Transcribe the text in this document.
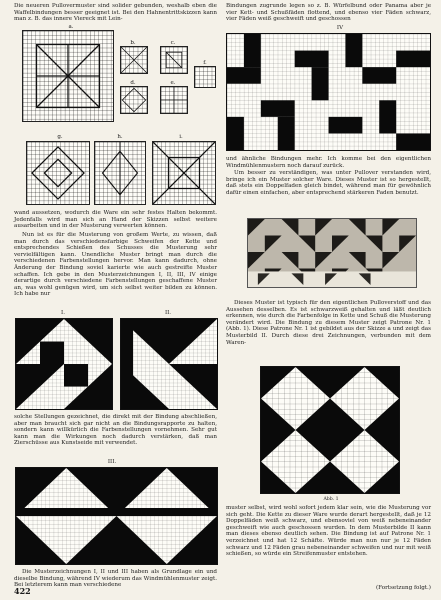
Die neueren Pullovermuster sind solider gebunden, weshalb eben die Waffelbindungen besser geeignet ist. Bei den Hahnentrittskizzen kann man z. B. das innere Viereck mit Lein-

a.
b.	c.
d.	e.
f.
g.	h.	i.

wand aussetzen, wodurch die Ware ein sehr festes Halten bekommt. Jedenfalls wird man sich an Hand der Skizzen selbst weitere ausarbeiten und in der Musterung verwerten können.

Nun ist es für die Musterung von großem Werte, zu wissen, daß man durch das verschiedensfarbige Schweifen der Kette und entsprechendes Schießen des Schusses die Musterung sehr vervielfältigen kann. Unendliche Muster bringt man durch die verschiedenen Farbenstellungen hervor. Man kann dadurch, ohne Änderung der Bindung soviel karierte wie auch gestreifte Muster schaffen. Ich gebe in den Musterzeichnungen I, II, III, IV einige derartige durch verschiedene Farbenstellungen geschaffene Muster an, was wohl genügen wird, um sich selbst weiter bilden zu können. Ich habe nur

I.	II.

solche Stellungen gezeichnet, die direkt mit der Bindung abschließen, aber man braucht sich gar nicht an die Bindungsrapporte zu halten, sondern kann willkürlich die Farbenstellungen vornehmen. Sehr gut kann man die Wirkungen noch dadurch verstärken, daß man Zierschüsse aus Kunstseide mit verwendet.

III.

Die Musterzeichnungen I, II und III haben als Grundlage ein und dieselbe Bindung, während IV wiederum das Windmühlenmuster zeigt. Bei letzterem kann man verschiedene

Bindungen zugrunde legen so z. B. Würfelbund oder Panama aber je vier Kett- und Schußfäden flottend, und ebenso vier Fäden schwarz, vier Fäden weiß geschweift und geschossen

IV

und ähnliche Bindungen mehr. Ich komme bei den eigentlichen Windmühlenmustern noch darauf zurück.

Um besser zu verständigen, was unter Pullover verstanden wird, bringe ich ein Muster solcher Ware. Dieses Muster ist so hergestellt, daß stets ein Doppelfaden gleich bindet, während man für gewöhnlich dafür einen einfachen, aber entsprechend stärkeren Faden benutzt.

Dieses Muster ist typisch für den eigentlichen Pulloverstoff und das Aussehen desselben. Es ist schwarzweiß gehalten und läßt deutlich erkennen, wie durch die Farbenfolge in Kette und Schuß die Musterung verändert wird. Die Bindung zu diesem Muster zeigt Patrone Nr. 1 (Abb. 1). Diese Patrone Nr. 1 ist gebildet aus der Skizze a und zeigt das Musterbild II. Durch diese drei Zeichnungen, verbunden mit dem Waren-

Abb. 1

muster selbst, wird wohl sofort jedem klar sein, wie die Musterung vor sich geht. Die Kette zu dieser Ware wurde derart hergestellt, daß je 12 Doppelfäden weiß schwarz, und ebensoviel von weiß nebeneinander geschweift wie auch geschossen wurden. In dem Musterbilde II kann man dieses ebenso deutlich sehen. Die Bindung ist auf Patrone Nr. 1 verzeichnet und hat 12 Schäfte. Würde man nun nur je 12 Fäden schwarz und 12 Fäden grau nebeneinander schweifen und nur mit weiß schießen, so würde ein Streifenmuster entstehen.

(Fortsetzung folgt.)

422
